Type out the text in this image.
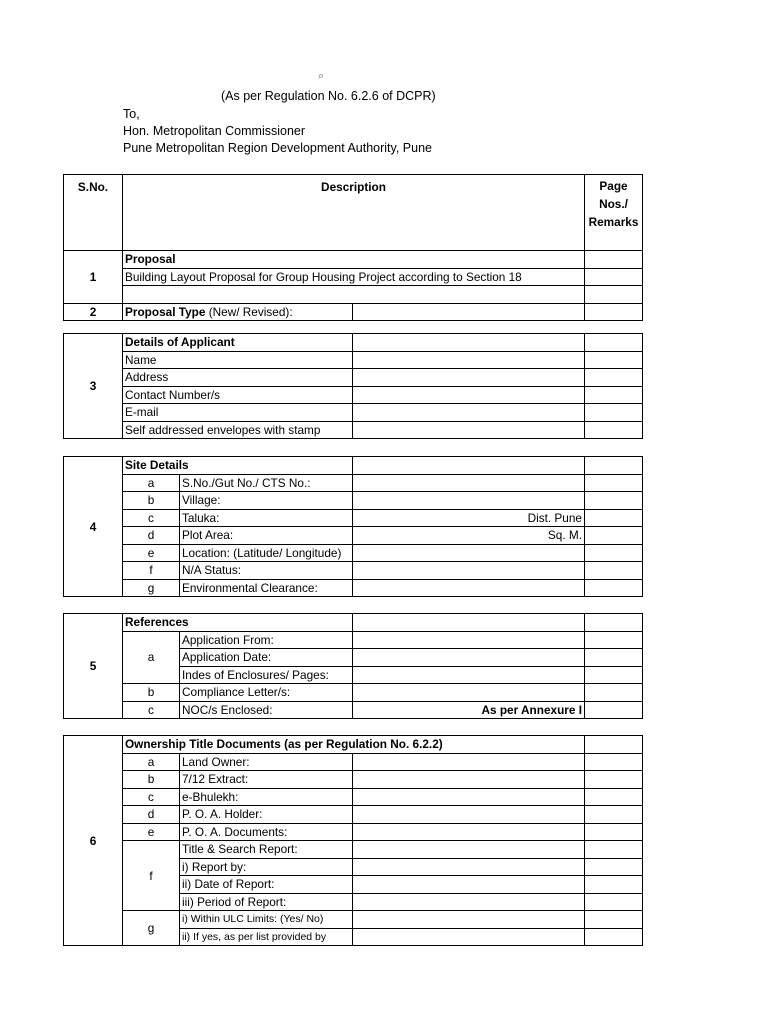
⌕
(As per Regulation No. 6.2.6 of DCPR)
To,
Hon. Metropolitan Commissioner
Pune Metropolitan Region Development Authority, Pune
S.No.	Description		Page
Nos./
Remarks

1	Proposal		
	Building Layout Proposal for Group Housing Project according to Section 18		

2	Proposal Type (New/ Revised):		
3	Details of Applicant		
	Name		
	Address		
	Contact Number/s		
	E-mail		
	Self addressed envelopes with stamp		
4	Site Details			
	a	S.No./Gut No./ CTS No.:		
	b	Village:		
	c	Taluka:	Dist. Pune	
	d	Plot Area:	Sq. M.	
	e	Location: (Latitude/ Longitude)		
	f	N/A Status:		
	g	Environmental Clearance:		
5	References			
	a	Application From:		
		Application Date:		
		Indes of Enclosures/ Pages:		
	b	Compliance Letter/s:		
	c	NOC/s Enclosed:	As per Annexure I	
6	Ownership Title Documents (as per Regulation No. 6.2.2)			
	a	Land Owner:		
	b	7/12 Extract:		
	c	e-Bhulekh:		
	d	P. O. A. Holder:		
	e	P. O. A. Documents:		
	f	Title & Search Report:		
		i) Report by:		
		ii) Date of Report:		
		iii) Period of Report:		
	g	i) Within ULC Limits: (Yes/ No)		
		ii) If yes, as per list provided by		
